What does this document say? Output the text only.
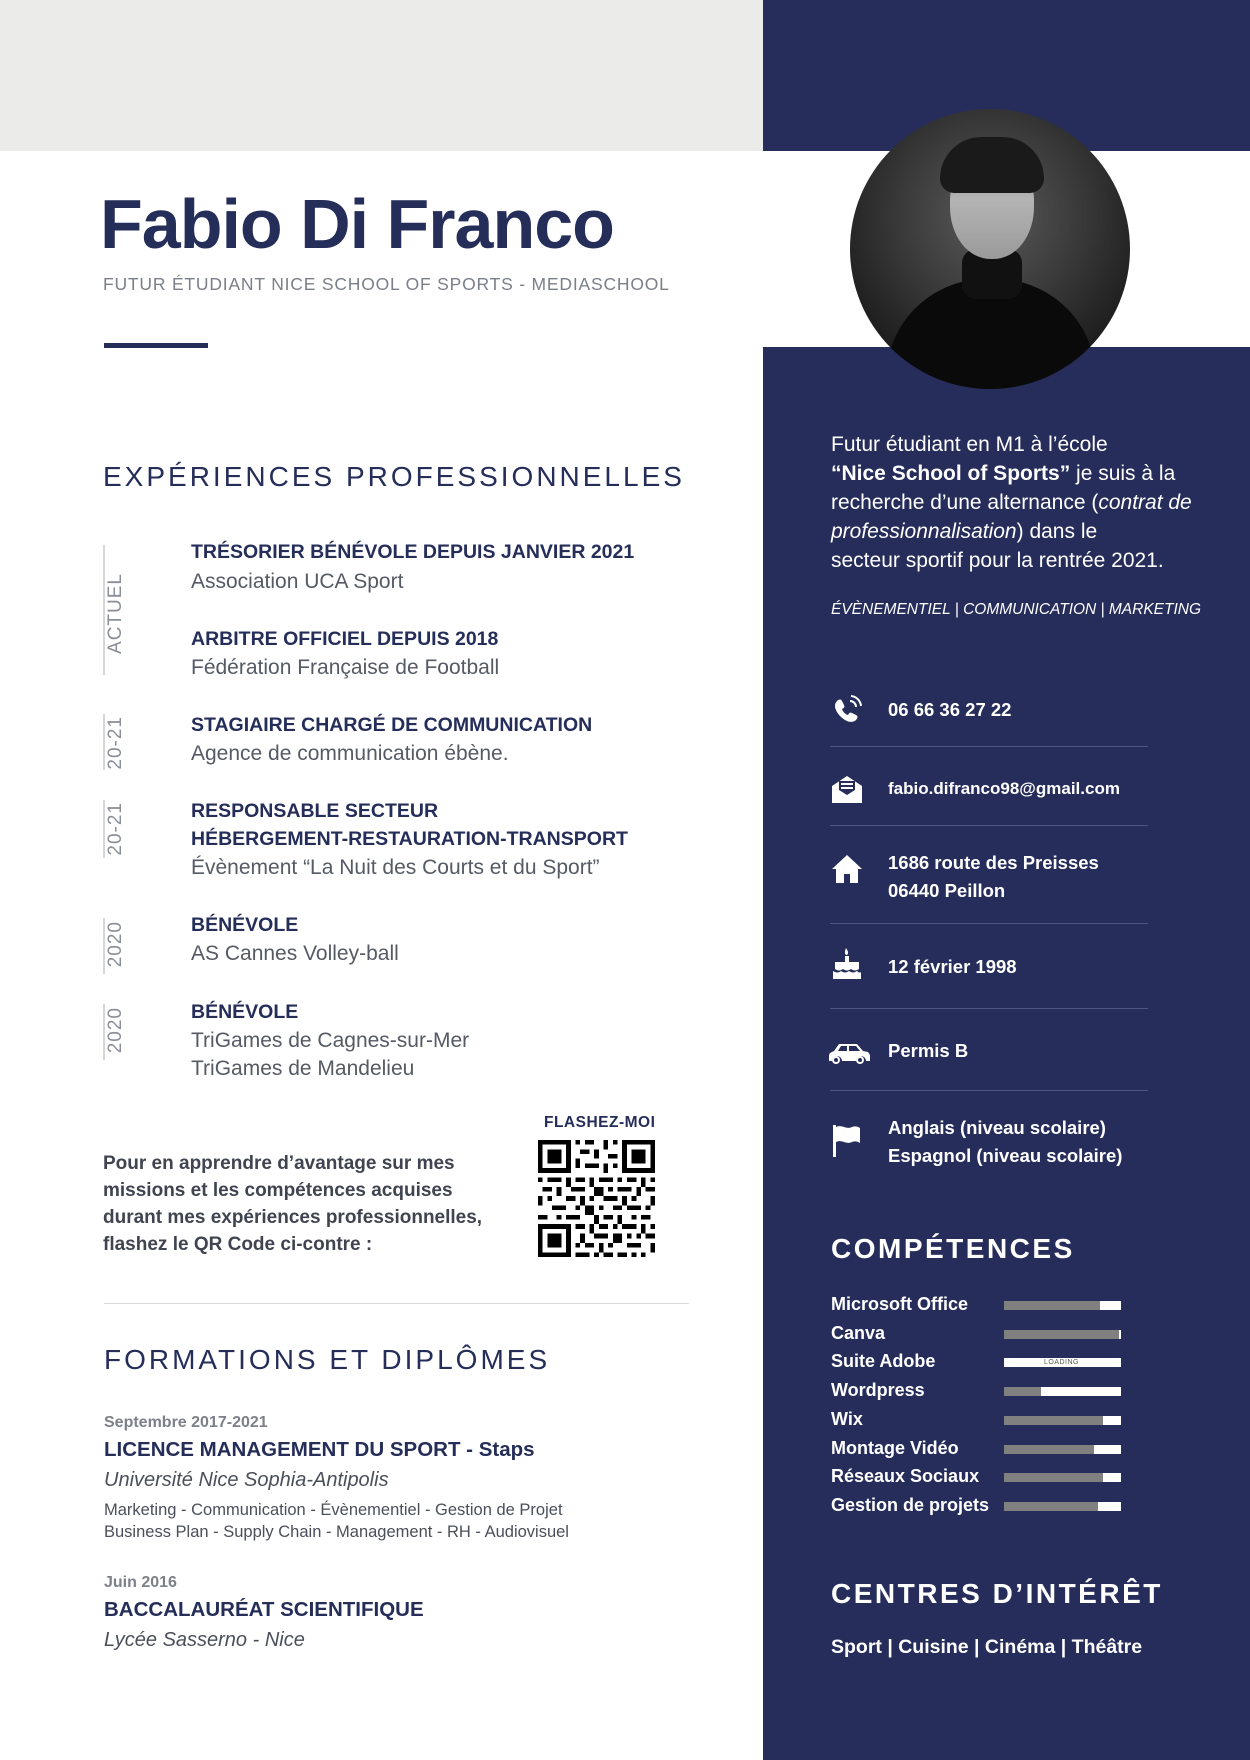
Fabio Di Franco
FUTUR ÉTUDIANT NICE SCHOOL OF SPORTS - MEDIASCHOOL
EXPÉRIENCES PROFESSIONNELLES
ACTUEL
TRÉSORIER BÉNÉVOLE DEPUIS JANVIER 2021
Association UCA Sport
ARBITRE OFFICIEL DEPUIS 2018
Fédération Française de Football
20-21	STAGIAIRE CHARGÉ DE COMMUNICATION
Agence de communication ébène.
20-21	RESPONSABLE SECTEUR
HÉBERGEMENT-RESTAURATION-TRANSPORT
Évènement “La Nuit des Courts et du Sport”
2020	BÉNÉVOLE
AS Cannes Volley-ball
2020	BÉNÉVOLE
TriGames de Cagnes-sur-Mer
TriGames de Mandelieu
FLASHEZ-MOI
Pour en apprendre d’avantage sur mes
missions et les compétences acquises
durant mes expériences professionnelles,
flashez le QR Code ci-contre :
FORMATIONS ET DIPLÔMES
Septembre 2017-2021
LICENCE MANAGEMENT DU SPORT - Staps
Université Nice Sophia-Antipolis
Marketing - Communication - Évènementiel - Gestion de Projet
Business Plan - Supply Chain - Management - RH - Audiovisuel
Juin 2016
BACCALAURÉAT SCIENTIFIQUE
Lycée Sasserno - Nice
Futur étudiant en M1 à l’école
“Nice School of Sports” je suis à la
recherche d’une alternance (contrat de professionnalisation) dans le
secteur sportif pour la rentrée 2021.
ÉVÈNEMENTIEL | COMMUNICATION | MARKETING
06 66 36 27 22
fabio.difranco98@gmail.com
1686 route des Preisses
06440 Peillon
12 février 1998
Permis B
Anglais (niveau scolaire)
Espagnol (niveau scolaire)
COMPÉTENCES
Microsoft Office
Canva
Suite Adobe	LOADING
Wordpress
Wix
Montage Vidéo
Réseaux Sociaux
Gestion de projets
CENTRES D’INTÉRÊT
Sport | Cuisine | Cinéma | Théâtre
